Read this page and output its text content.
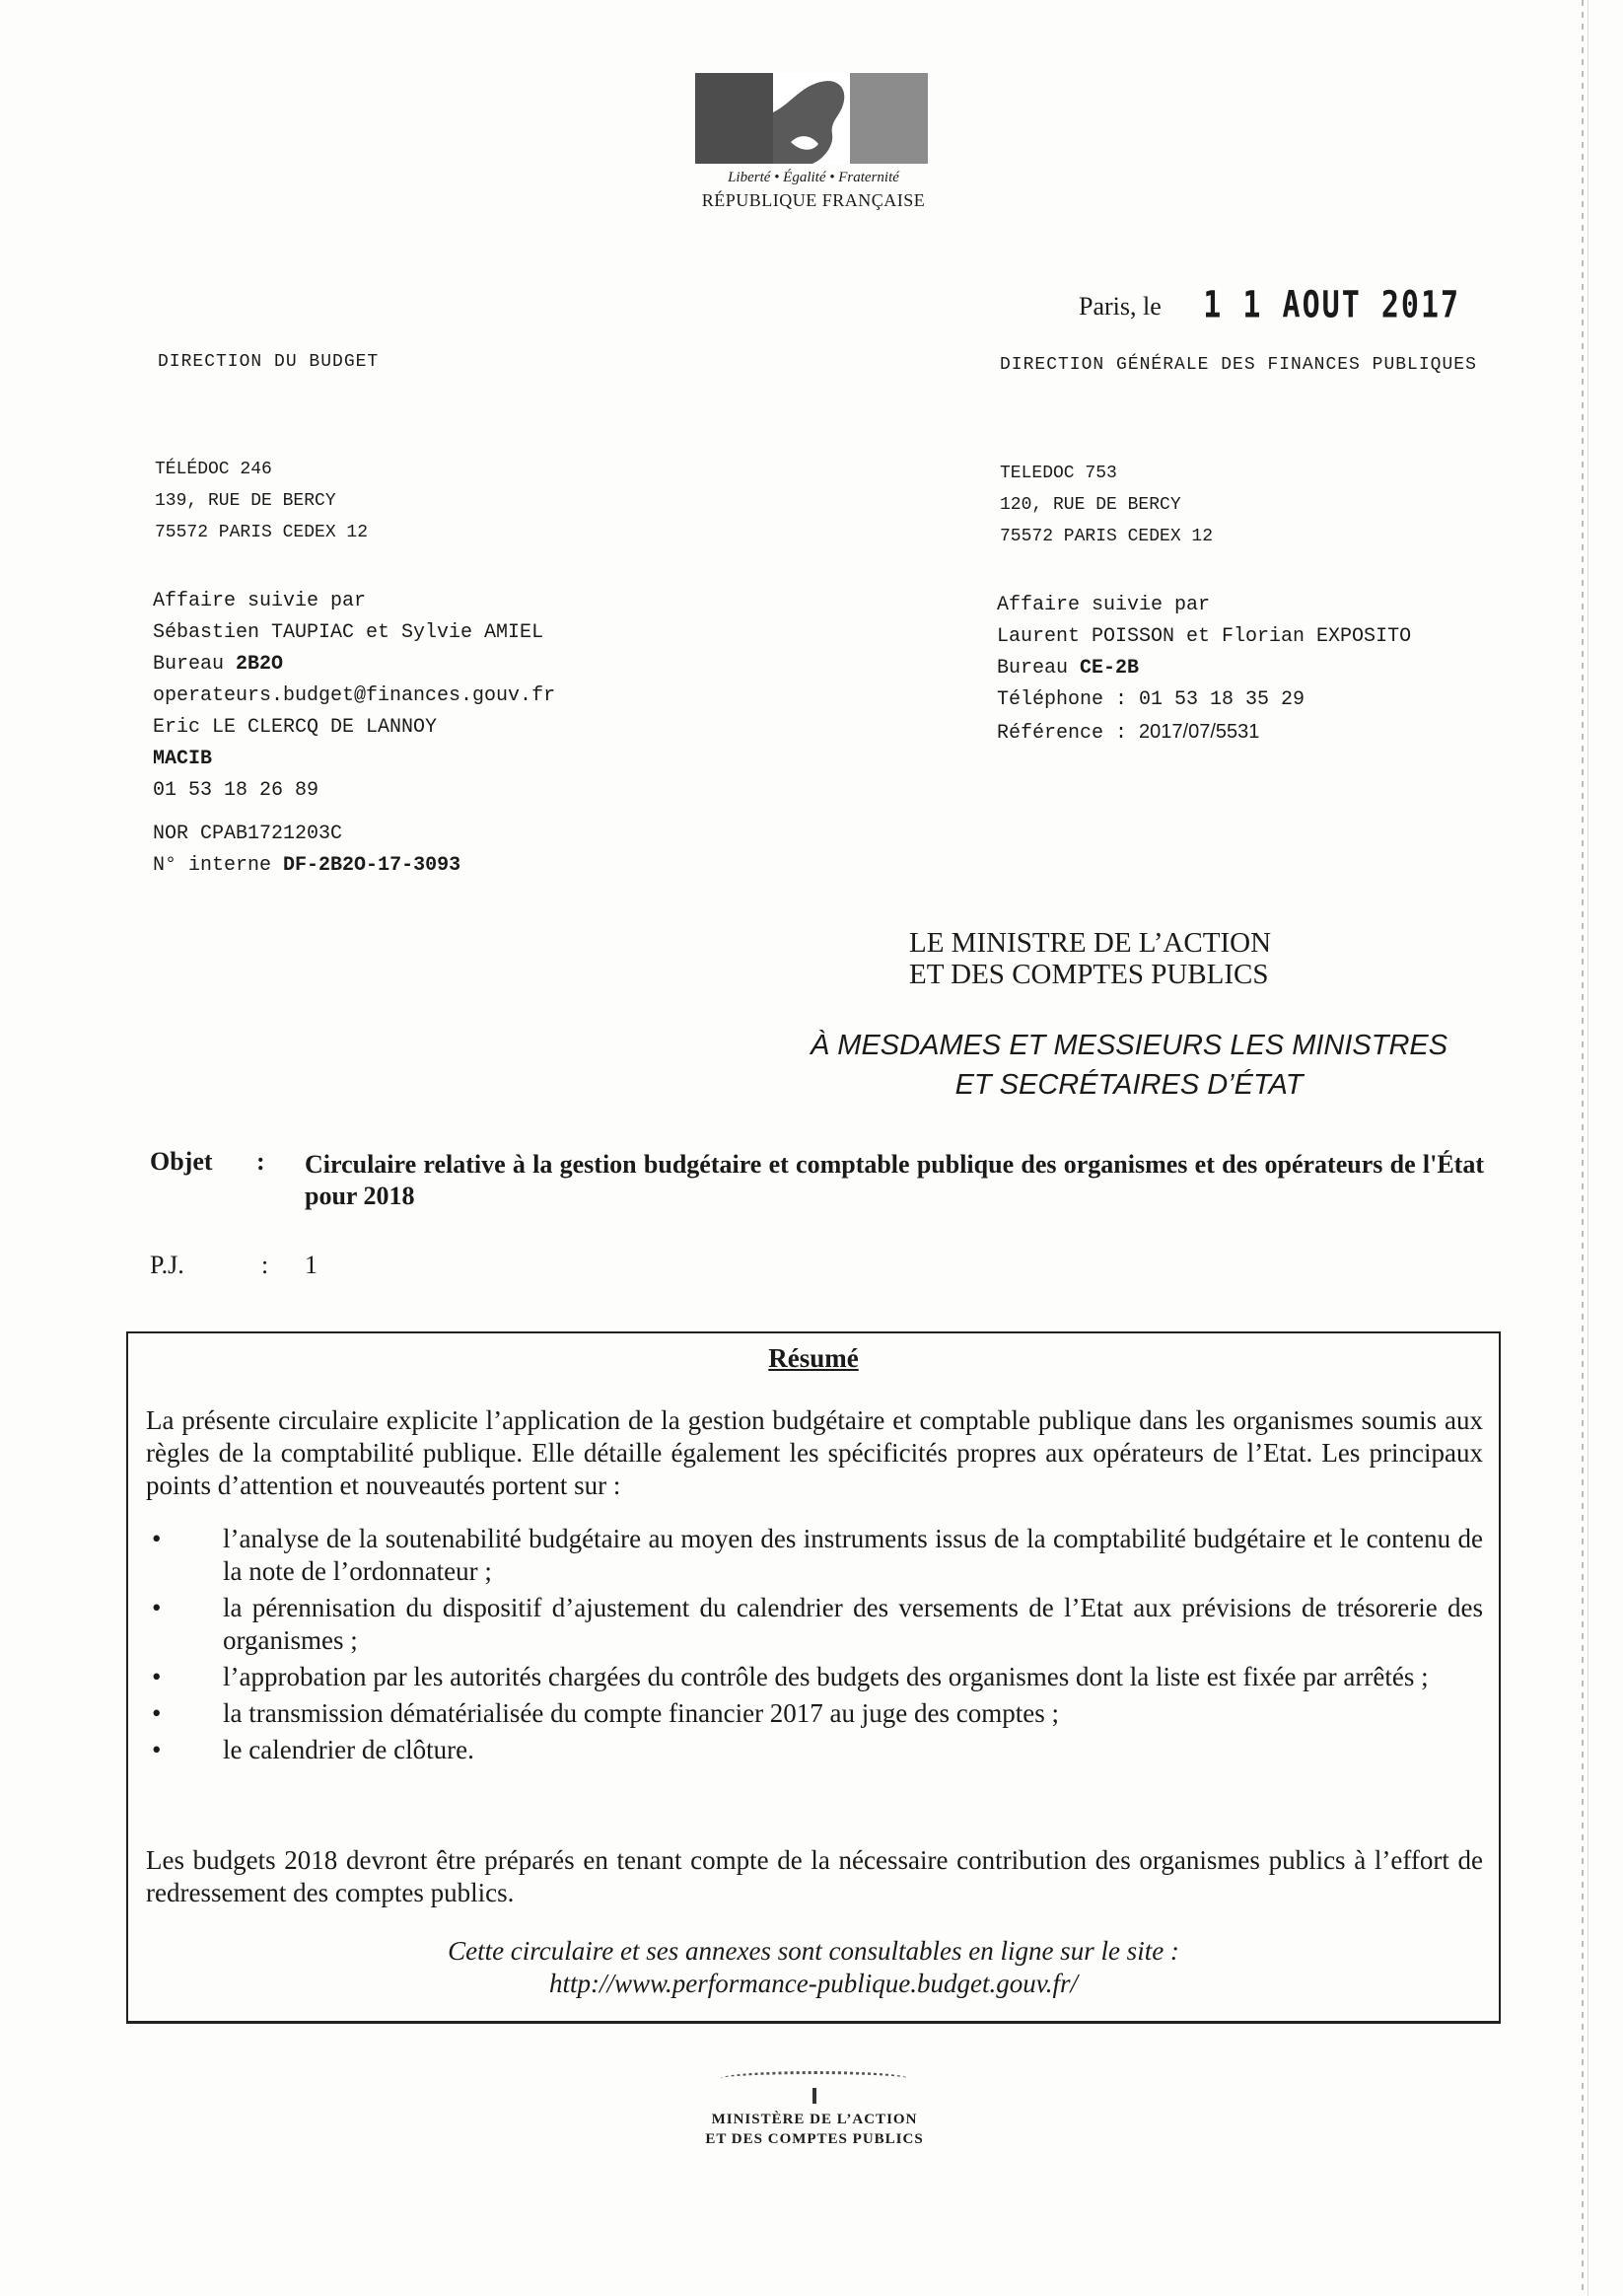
Liberté • Égalité • Fraternité
RÉPUBLIQUE FRANÇAISE
Paris, le 1 1 AOUT 2017
DIRECTION DU BUDGET
TÉLÉDOC 246
139, RUE DE BERCY
75572 PARIS CEDEX 12
Affaire suivie par
Sébastien TAUPIAC et Sylvie AMIEL
Bureau 2B2O
operateurs.budget@finances.gouv.fr
Eric LE CLERCQ DE LANNOY
MACIB
01 53 18 26 89
NOR CPAB1721203C
N° interne DF-2B2O-17-3093
DIRECTION GÉNÉRALE DES FINANCES PUBLIQUES
TELEDOC 753
120, RUE DE BERCY
75572 PARIS CEDEX 12
Affaire suivie par
Laurent POISSON et Florian EXPOSITO
Bureau CE-2B
Téléphone : 01 53 18 35 29
Référence : 2017/07/5531
LE MINISTRE DE L’ACTION
ET DES COMPTES PUBLICS
À MESDAMES ET MESSIEURS LES MINISTRES
ET SECRÉTAIRES D’ÉTAT
Objet : Circulaire relative à la gestion budgétaire et comptable publique des organismes et des opérateurs de l'État pour 2018
P.J.	: 1
Résumé
La présente circulaire explicite l’application de la gestion budgétaire et comptable publique dans les organismes soumis aux règles de la comptabilité publique. Elle détaille également les spécificités propres aux opérateurs de l’Etat. Les principaux points d’attention et nouveautés portent sur :
• l’analyse de la soutenabilité budgétaire au moyen des instruments issus de la comptabilité budgétaire et le contenu de la note de l’ordonnateur ;
• la pérennisation du dispositif d’ajustement du calendrier des versements de l’Etat aux prévisions de trésorerie des organismes ;
• l’approbation par les autorités chargées du contrôle des budgets des organismes dont la liste est fixée par arrêtés ;
• la transmission dématérialisée du compte financier 2017 au juge des comptes ;
• le calendrier de clôture.
Les budgets 2018 devront être préparés en tenant compte de la nécessaire contribution des organismes publics à l’effort de redressement des comptes publics.
Cette circulaire et ses annexes sont consultables en ligne sur le site :
http://www.performance-publique.budget.gouv.fr/
MINISTÈRE DE L’ACTION
ET DES COMPTES PUBLICS
